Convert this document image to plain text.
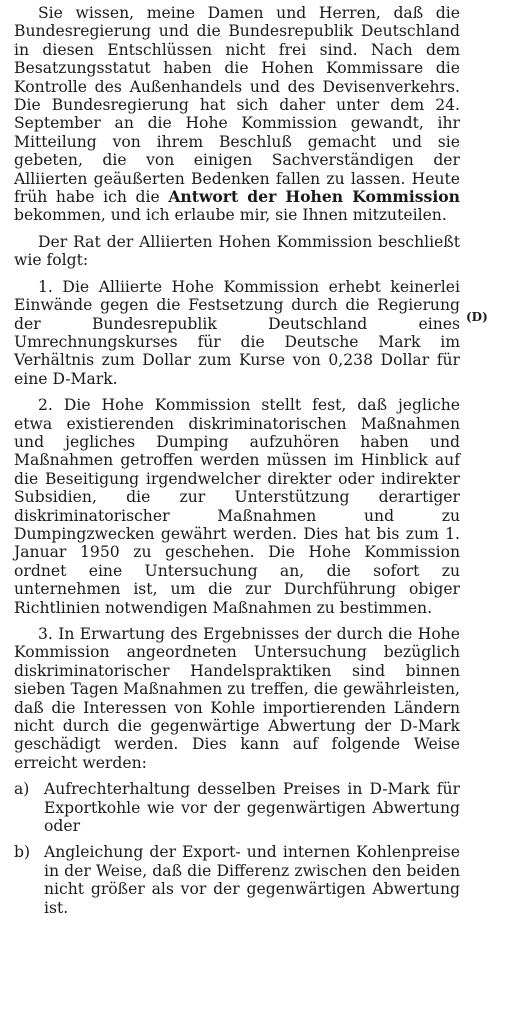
Sie wissen, meine Damen und Herren, daß die Bundesregierung und die Bundesrepublik Deutschland in diesen Entschlüssen nicht frei sind. Nach dem Besatzungsstatut haben die Hohen Kommissare die Kontrolle des Außenhandels und des Devisenverkehrs. Die Bundesregierung hat sich daher unter dem 24. September an die Hohe Kommission gewandt, ihr Mitteilung von ihrem Beschluß gemacht und sie gebeten, die von einigen Sachverständigen der Alliierten geäußerten Bedenken fallen zu lassen. Heute früh habe ich die Antwort der Hohen Kommission bekommen, und ich erlaube mir, sie Ihnen mitzuteilen.

Der Rat der Alliierten Hohen Kommission beschließt wie folgt:

1. Die Alliierte Hohe Kommission erhebt keinerlei Einwände gegen die Festsetzung durch die Regierung der Bundesrepublik Deutschland eines Umrechnungskurses für die Deutsche Mark im Verhältnis zum Dollar zum Kurse von 0,238 Dollar für eine D-Mark.

2. Die Hohe Kommission stellt fest, daß jegliche etwa existierenden diskriminatorischen Maßnahmen und jegliches Dumping aufzuhören haben und Maßnahmen getroffen werden müssen im Hinblick auf die Beseitigung irgendwelcher direkter oder indirekter Subsidien, die zur Unterstützung derartiger diskriminatorischer Maßnahmen und zu Dumpingzwecken gewährt werden. Dies hat bis zum 1. Januar 1950 zu geschehen. Die Hohe Kommission ordnet eine Untersuchung an, die sofort zu unternehmen ist, um die zur Durchführung obiger Richtlinien notwendigen Maßnahmen zu bestimmen.

3. In Erwartung des Ergebnisses der durch die Hohe Kommission angeordneten Untersuchung bezüglich diskriminatorischer Handelspraktiken sind binnen sieben Tagen Maßnahmen zu treffen, die gewährleisten, daß die Interessen von Kohle importierenden Ländern nicht durch die gegenwärtige Abwertung der D-Mark geschädigt werden. Dies kann auf folgende Weise erreicht werden:

a) Aufrechterhaltung desselben Preises in D-Mark für Exportkohle wie vor der gegenwärtigen Abwertung oder
b) Angleichung der Export- und internen Kohlenpreise in der Weise, daß die Differenz zwischen den beiden nicht größer als vor der gegenwärtigen Abwertung ist.
(D)
